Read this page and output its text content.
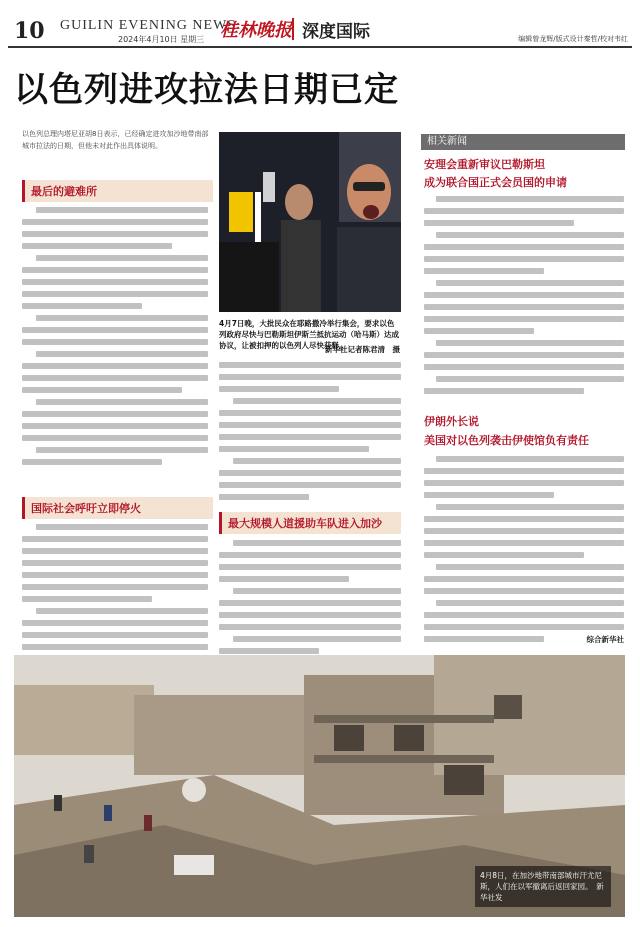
10 GUILIN EVENING NEWS
2024年4月10日 星期三 桂林晚报 深度国际	编辑曾龙辉/版式设计秦哲/校对韦红
以色列进攻拉法日期已定
以色列总理内塔尼亚胡8日表示，已经确定进攻加沙地带南部城市拉法的日期，但他未对此作出具体说明。
最后的避难所
国际社会呼吁立即停火
4月7日晚，大批民众在耶路撒冷举行集会，要求以色列政府尽快与巴勒斯坦伊斯兰抵抗运动（哈马斯）达成协议，让被扣押的以色列人尽快获释。
新华社记者陈君清　摄
最大规模人道援助车队进入加沙
相关新闻
安理会重新审议巴勒斯坦
成为联合国正式会员国的申请
伊朗外长说
美国对以色列袭击伊使馆负有责任
综合新华社
4月8日，在加沙地带南部城市汗尤尼斯，人们在以军撤离后返回家园。　新华社发
